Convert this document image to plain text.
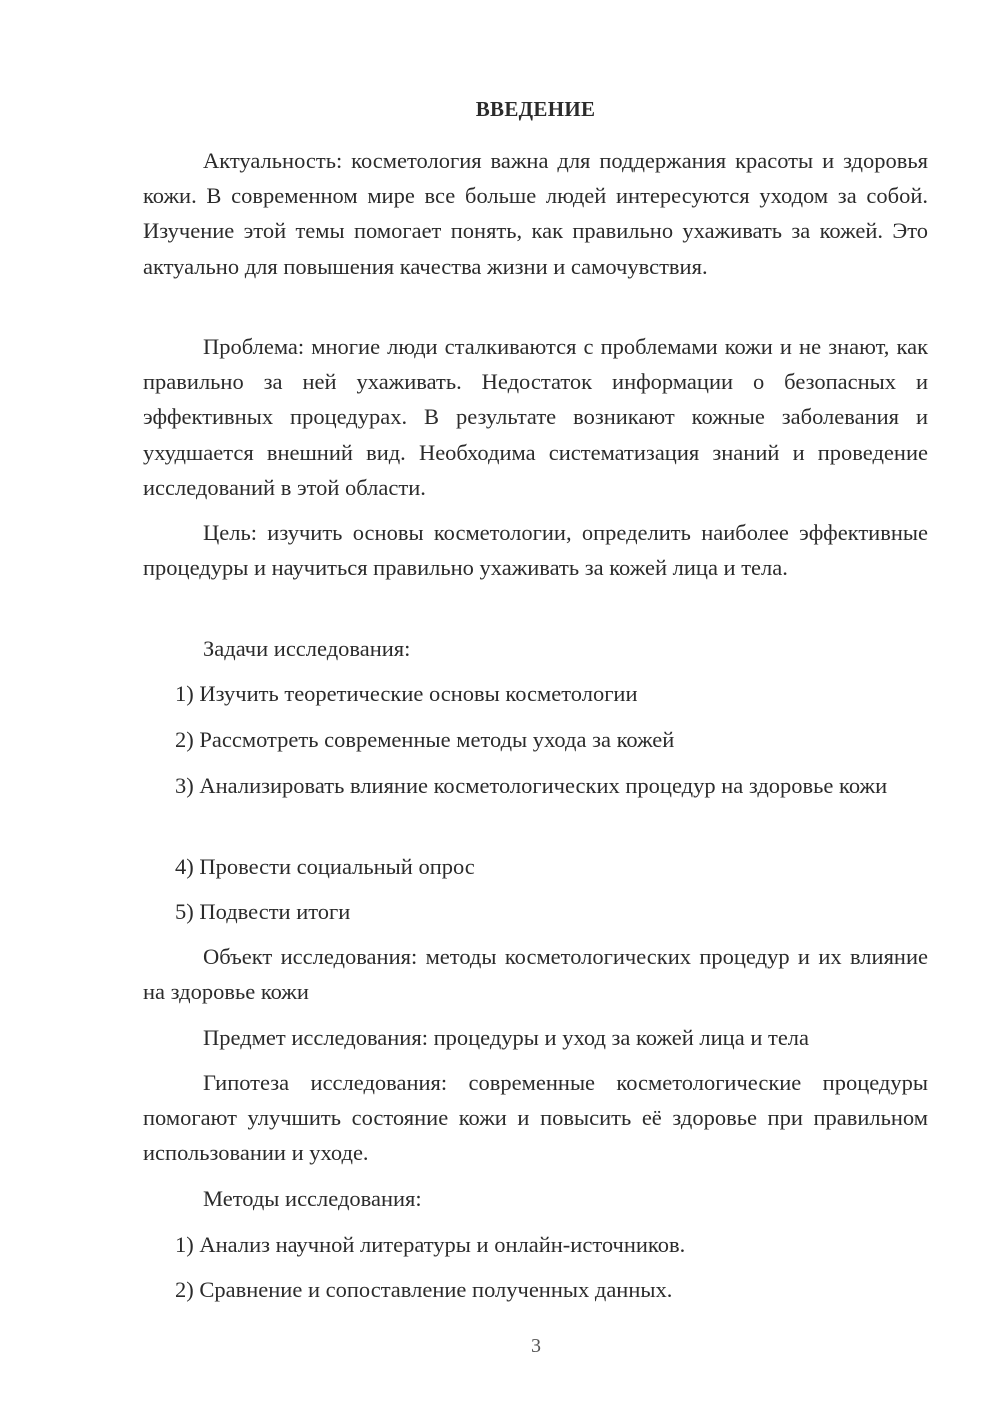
ВВЕДЕНИЕ

Актуальность: косметология важна для поддержания красоты и здоровья кожи. В современном мире все больше людей интересуются уходом за собой. Изучение этой темы помогает понять, как правильно ухаживать за кожей. Это актуально для повышения качества жизни и самочувствия.

Проблема: многие люди сталкиваются с проблемами кожи и не знают, как правильно за ней ухаживать. Недостаток информации о безопасных и эффективных процедурах. В результате возникают кожные заболевания и ухудшается внешний вид. Необходима систематизация знаний и проведение исследований в этой области.

Цель: изучить основы косметологии, определить наиболее эффективные процедуры и научиться правильно ухаживать за кожей лица и тела.

Задачи исследования:

1) Изучить теоретические основы косметологии

2) Рассмотреть современные методы ухода за кожей

3) Анализировать влияние косметологических процедур на здоровье кожи

4) Провести социальный опрос

5) Подвести итоги

Объект исследования: методы косметологических процедур и их влияние на здоровье кожи

Предмет исследования: процедуры и уход за кожей лица и тела

Гипотеза исследования: современные косметологические процедуры помогают улучшить состояние кожи и повысить её здоровье при правильном использовании и уходе.

Методы исследования:

1) Анализ научной литературы и онлайн-источников.

2) Сравнение и сопоставление полученных данных.

3
